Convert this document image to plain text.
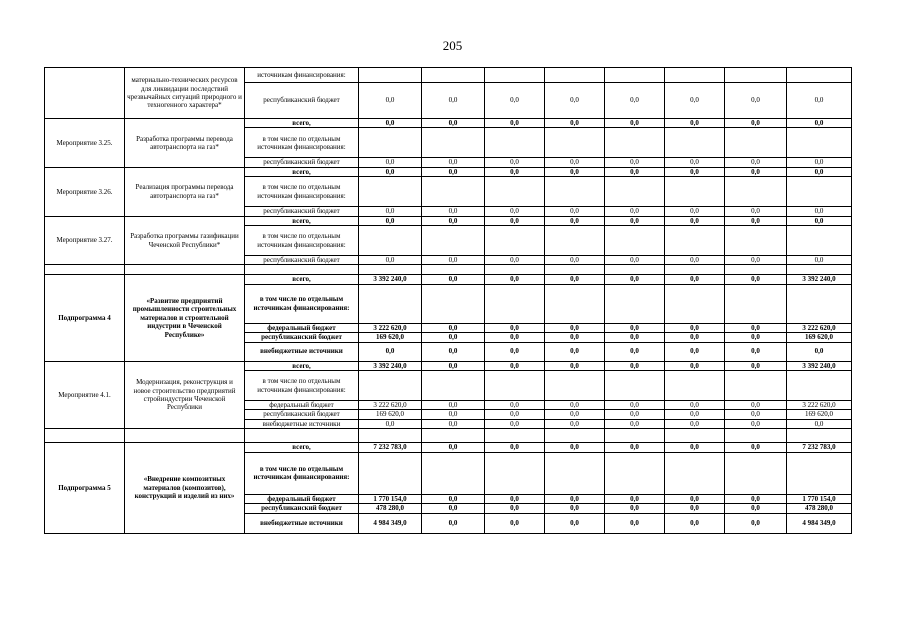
205
	материально-технических ресурсов для ликвидации последствий чрезвычайных ситуаций природного и техногенного характера*	источникам финансирования:								
		республиканский бюджет	0,0	0,0	0,0	0,0	0,0	0,0	0,0	0,0
Мероприятие 3.25.	Разработка программы перевода автотранспорта на газ*	всего,	0,0	0,0	0,0	0,0	0,0	0,0	0,0	0,0
		в том числе по отдельным источникам финансирования:								
		республиканский бюджет	0,0	0,0	0,0	0,0	0,0	0,0	0,0	0,0
Мероприятие 3.26.	Реализация программы перевода автотранспорта на газ*	всего,	0,0	0,0	0,0	0,0	0,0	0,0	0,0	0,0
		в том числе по отдельным источникам финансирования:								
		республиканский бюджет	0,0	0,0	0,0	0,0	0,0	0,0	0,0	0,0
Мероприятие 3.27.	Разработка программы газификации Чеченской Республики*	всего,	0,0	0,0	0,0	0,0	0,0	0,0	0,0	0,0
		в том числе по отдельным источникам финансирования:								
		республиканский бюджет	0,0	0,0	0,0	0,0	0,0	0,0	0,0	0,0

Подпрограмма 4	«Развитие предприятий промышленности строительных материалов и строительной индустрии в Чеченской Республике»	всего,	3 392 240,0	0,0	0,0	0,0	0,0	0,0	0,0	3 392 240,0
		в том числе по отдельным источникам финансирования:								
		федеральный бюджет	3 222 620,0	0,0	0,0	0,0	0,0	0,0	0,0	3 222 620,0
		республиканский бюджет	169 620,0	0,0	0,0	0,0	0,0	0,0	0,0	169 620,0
		внебюджетные источники	0,0	0,0	0,0	0,0	0,0	0,0	0,0	0,0
Мероприятие 4.1.	Модернизация, реконструкция и новое строительство предприятий стройиндустрии Чеченской Республики	всего,	3 392 240,0	0,0	0,0	0,0	0,0	0,0	0,0	3 392 240,0
		в том числе по отдельным источникам финансирования:								
		федеральный бюджет	3 222 620,0	0,0	0,0	0,0	0,0	0,0	0,0	3 222 620,0
		республиканский бюджет	169 620,0	0,0	0,0	0,0	0,0	0,0	0,0	169 620,0
		внебюджетные источники	0,0	0,0	0,0	0,0	0,0	0,0	0,0	0,0

Подпрограмма 5	«Внедрение композитных материалов (композитов), конструкций и изделий из них»	всего,	7 232 783,0	0,0	0,0	0,0	0,0	0,0	0,0	7 232 783,0
		в том числе по отдельным источникам финансирования:								
		федеральный бюджет	1 770 154,0	0,0	0,0	0,0	0,0	0,0	0,0	1 770 154,0
		республиканский бюджет	478 280,0	0,0	0,0	0,0	0,0	0,0	0,0	478 280,0
		внебюджетные источники	4 984 349,0	0,0	0,0	0,0	0,0	0,0	0,0	4 984 349,0
